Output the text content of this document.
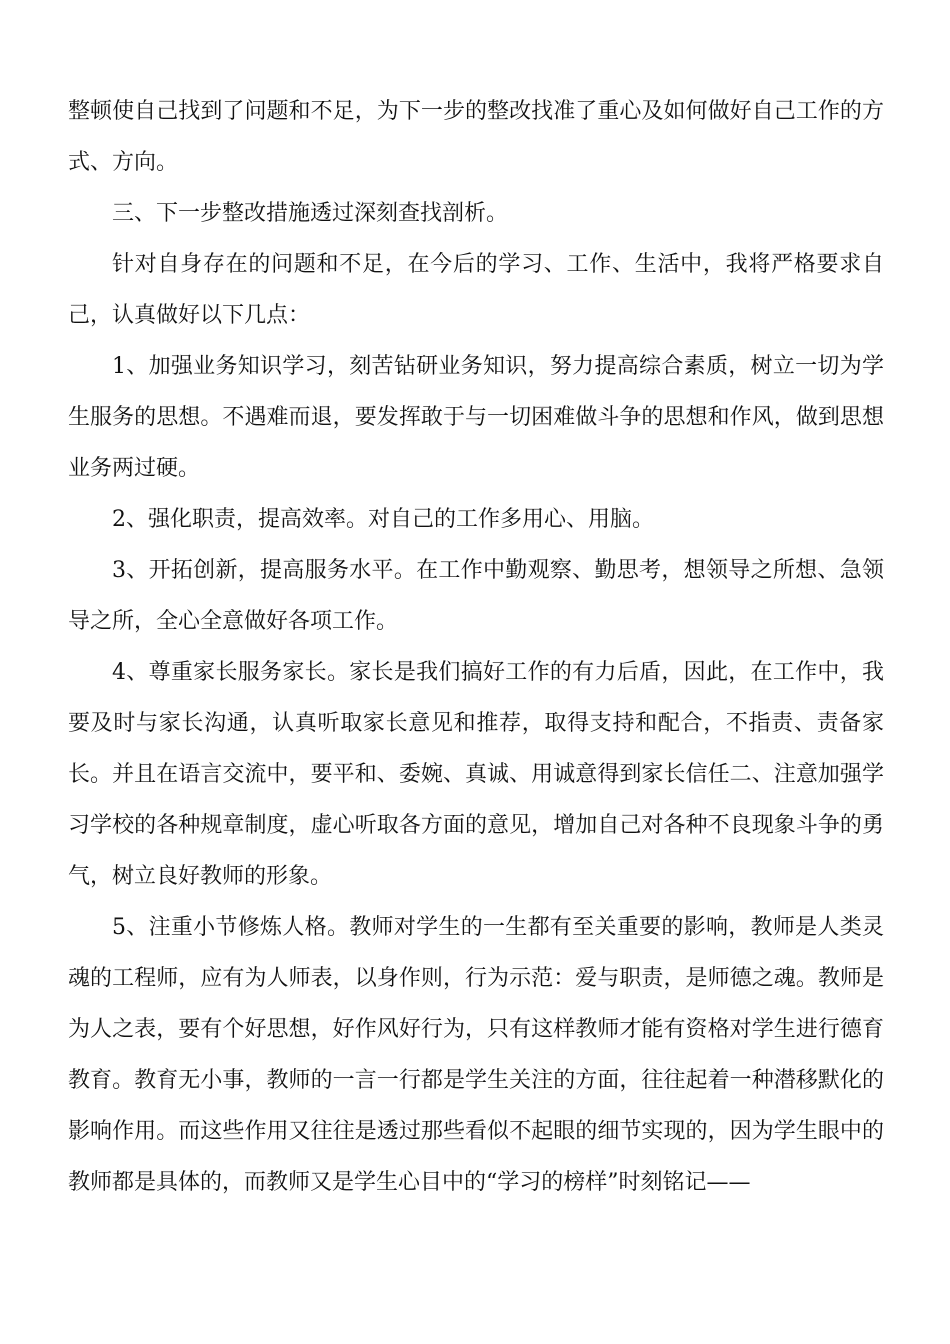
整顿使自己找到了问题和不足，为下一步的整改找准了重心及如何做好自己工作的方式、方向。

三、下一步整改措施透过深刻查找剖析。

针对自身存在的问题和不足，在今后的学习、工作、生活中，我将严格要求自己，认真做好以下几点：

1、加强业务知识学习，刻苦钻研业务知识，努力提高综合素质，树立一切为学生服务的思想。不遇难而退，要发挥敢于与一切困难做斗争的思想和作风，做到思想业务两过硬。

2、强化职责，提高效率。对自己的工作多用心、用脑。

3、开拓创新，提高服务水平。在工作中勤观察、勤思考，想领导之所想、急领导之所，全心全意做好各项工作。

4、尊重家长服务家长。家长是我们搞好工作的有力后盾，因此，在工作中，我要及时与家长沟通，认真听取家长意见和推荐，取得支持和配合，不指责、责备家长。并且在语言交流中，要平和、委婉、真诚、用诚意得到家长信任二、注意加强学习学校的各种规章制度，虚心听取各方面的意见，增加自己对各种不良现象斗争的勇气，树立良好教师的形象。

5、注重小节修炼人格。教师对学生的一生都有至关重要的影响，教师是人类灵魂的工程师，应有为人师表，以身作则，行为示范：爱与职责，是师德之魂。教师是为人之表，要有个好思想，好作风好行为，只有这样教师才能有资格对学生进行德育教育。教育无小事，教师的一言一行都是学生关注的方面，往往起着一种潜移默化的影响作用。而这些作用又往往是透过那些看似不起眼的细节实现的，因为学生眼中的教师都是具体的，而教师又是学生心目中的“学习的榜样”时刻铭记——
